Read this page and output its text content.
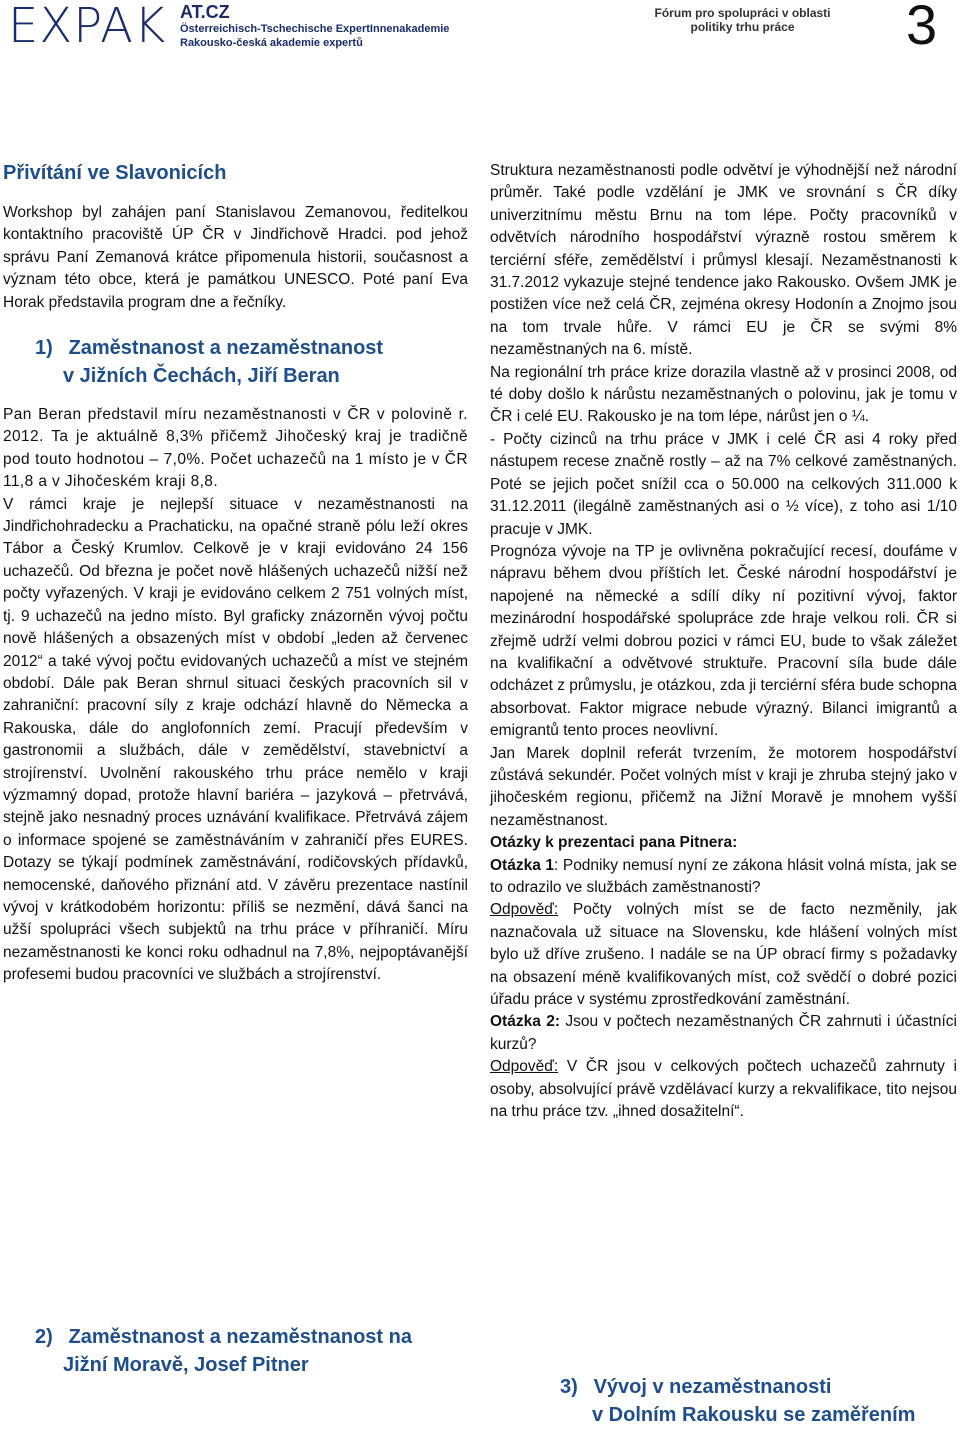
EXPAK AT.CZ
Österreichisch-Tschechische ExpertInnenakademie
Rakousko-česká akademie expertů
Fórum pro spolupráci v oblasti
politiky trhu práce	3
Přivítání ve Slavonicích

Workshop byl zahájen paní Stanislavou Zemanovou, ředitelkou kontaktního pracoviště ÚP ČR v Jindřichově Hradci. pod jehož správu Paní Zemanová krátce připomenula historii, současnost a význam této obce, která je památkou UNESCO. Poté paní Eva Horak představila program dne a řečníky.

1) Zaměstnanost a nezaměstnanost
v Jižních Čechách, Jiří Beran

Pan Beran představil míru nezaměstnanosti v ČR v polovině r. 2012. Ta je aktuálně 8,3% přičemž Jihočeský kraj je tradičně pod touto hodnotou – 7,0%. Počet uchazečů na 1 místo je v ČR 11,8 a v Jihočeském kraji 8,8.

V rámci kraje je nejlepší situace v nezaměstnanosti na Jindřichohradecku a Prachaticku, na opačné straně pólu leží okres Tábor a Český Krumlov. Celkově je v kraji evidováno 24 156 uchazečů. Od března je počet nově hlášených uchazečů nižší než počty vyřazených. V kraji je evidováno celkem 2 751 volných míst, tj. 9 uchazečů na jedno místo. Byl graficky znázorněn vývoj počtu nově hlášených a obsazených míst v období „leden až červenec 2012“ a také vývoj počtu evidovaných uchazečů a míst ve stejném období. Dále pak Beran shrnul situaci českých pracovních sil v zahraniční: pracovní síly z kraje odchází hlavně do Německa a Rakouska, dále do anglofonních zemí. Pracují především v gastronomii a službách, dále v zemědělství, stavebnictví a strojírenství. Uvolnění rakouského trhu práce nemělo v kraji výzmamný dopad, protože hlavní bariéra – jazyková – přetrvává, stejně jako nesnadný proces uznávání kvalifikace. Přetrvává zájem o informace spojené se zaměstnáváním v zahraničí přes EURES. Dotazy se týkají podmínek zaměstnávání, rodičovských přídavků, nemocenské, daňového přiznání atd. V závěru prezentace nastínil vývoj v krátkodobém horizontu: příliš se nezmění, dává šanci na užší spolupráci všech subjektů na trhu práce v příhraničí. Míru nezaměstnanosti ke konci roku odhadnul na 7,8%, nejpoptávanější profesemi budou pracovníci ve službách a strojírenství.

2) Zaměstnanost a nezaměstnanost na
Jižní Moravě, Josef Pitner

Struktura nezaměstnanosti podle odvětví je výhodnější než národní průměr. Také podle vzdělání je JMK ve srovnání s ČR díky univerzitnímu městu Brnu na tom lépe. Počty pracovníků v odvětvích národního hospodářství výrazně rostou směrem k terciérní sféře, zemědělství i průmysl klesají. Nezaměstnanosti k 31.7.2012 vykazuje stejné tendence jako Rakousko. Ovšem JMK je postižen více než celá ČR, zejména okresy Hodonín a Znojmo jsou na tom trvale hůře. V rámci EU je ČR se svými 8% nezaměstnaných na 6. místě.

Na regionální trh práce krize dorazila vlastně až v prosinci 2008, od té doby došlo k nárůstu nezaměstnaných o polovinu, jak je tomu v ČR i celé EU. Rakousko je na tom lépe, nárůst jen o ¼.

- Počty cizinců na trhu práce v JMK i celé ČR asi 4 roky před nástupem recese značně rostly – až na 7% celkové zaměstnaných. Poté se jejich počet snížil cca o 50.000 na celkových 311.000 k 31.12.2011 (ilegálně zaměstnaných asi o ½ více), z toho asi 1/10 pracuje v JMK.

Prognóza vývoje na TP je ovlivněna pokračující recesí, doufáme v nápravu během dvou příštích let. České národní hospodářství je napojené na německé a sdílí díky ní pozitivní vývoj, faktor mezinárodní hospodářské spolupráce zde hraje velkou roli. ČR si zřejmě udrží velmi dobrou pozici v rámci EU, bude to však záležet na kvalifikační a odvětvové struktuře. Pracovní síla bude dále odcházet z průmyslu, je otázkou, zda ji terciérní sféra bude schopna absorbovat. Faktor migrace nebude výrazný. Bilanci imigrantů a emigrantů tento proces neovlivní.

Jan Marek doplnil referát tvrzením, že motorem hospodářství zůstává sekundér. Počet volných míst v kraji je zhruba stejný jako v jihočeském regionu, přičemž na Jižní Moravě je mnohem vyšší nezaměstnanost.

Otázky k prezentaci pana Pitnera:

Otázka 1: Podniky nemusí nyní ze zákona hlásit volná místa, jak se to odrazilo ve službách zaměstnanosti?

Odpověď: Počty volných míst se de facto nezměnily, jak naznačovala už situace na Slovensku, kde hlášení volných míst bylo už dříve zrušeno. I nadále se na ÚP obrací firmy s požadavky na obsazení méně kvalifikovaných míst, což svědčí o dobré pozici úřadu práce v systému zprostředkování zaměstnání.

Otázka 2: Jsou v počtech nezaměstnaných ČR zahrnuti i účastníci kurzů?

Odpověď: V ČR jsou v celkových počtech uchazečů zahrnuty i osoby, absolvující právě vzdělávací kurzy a rekvalifikace, tito nejsou na trhu práce tzv. „ihned dosažitelní“.

3) Vývoj v nezaměstnanosti
v Dolním Rakousku se zaměřením
